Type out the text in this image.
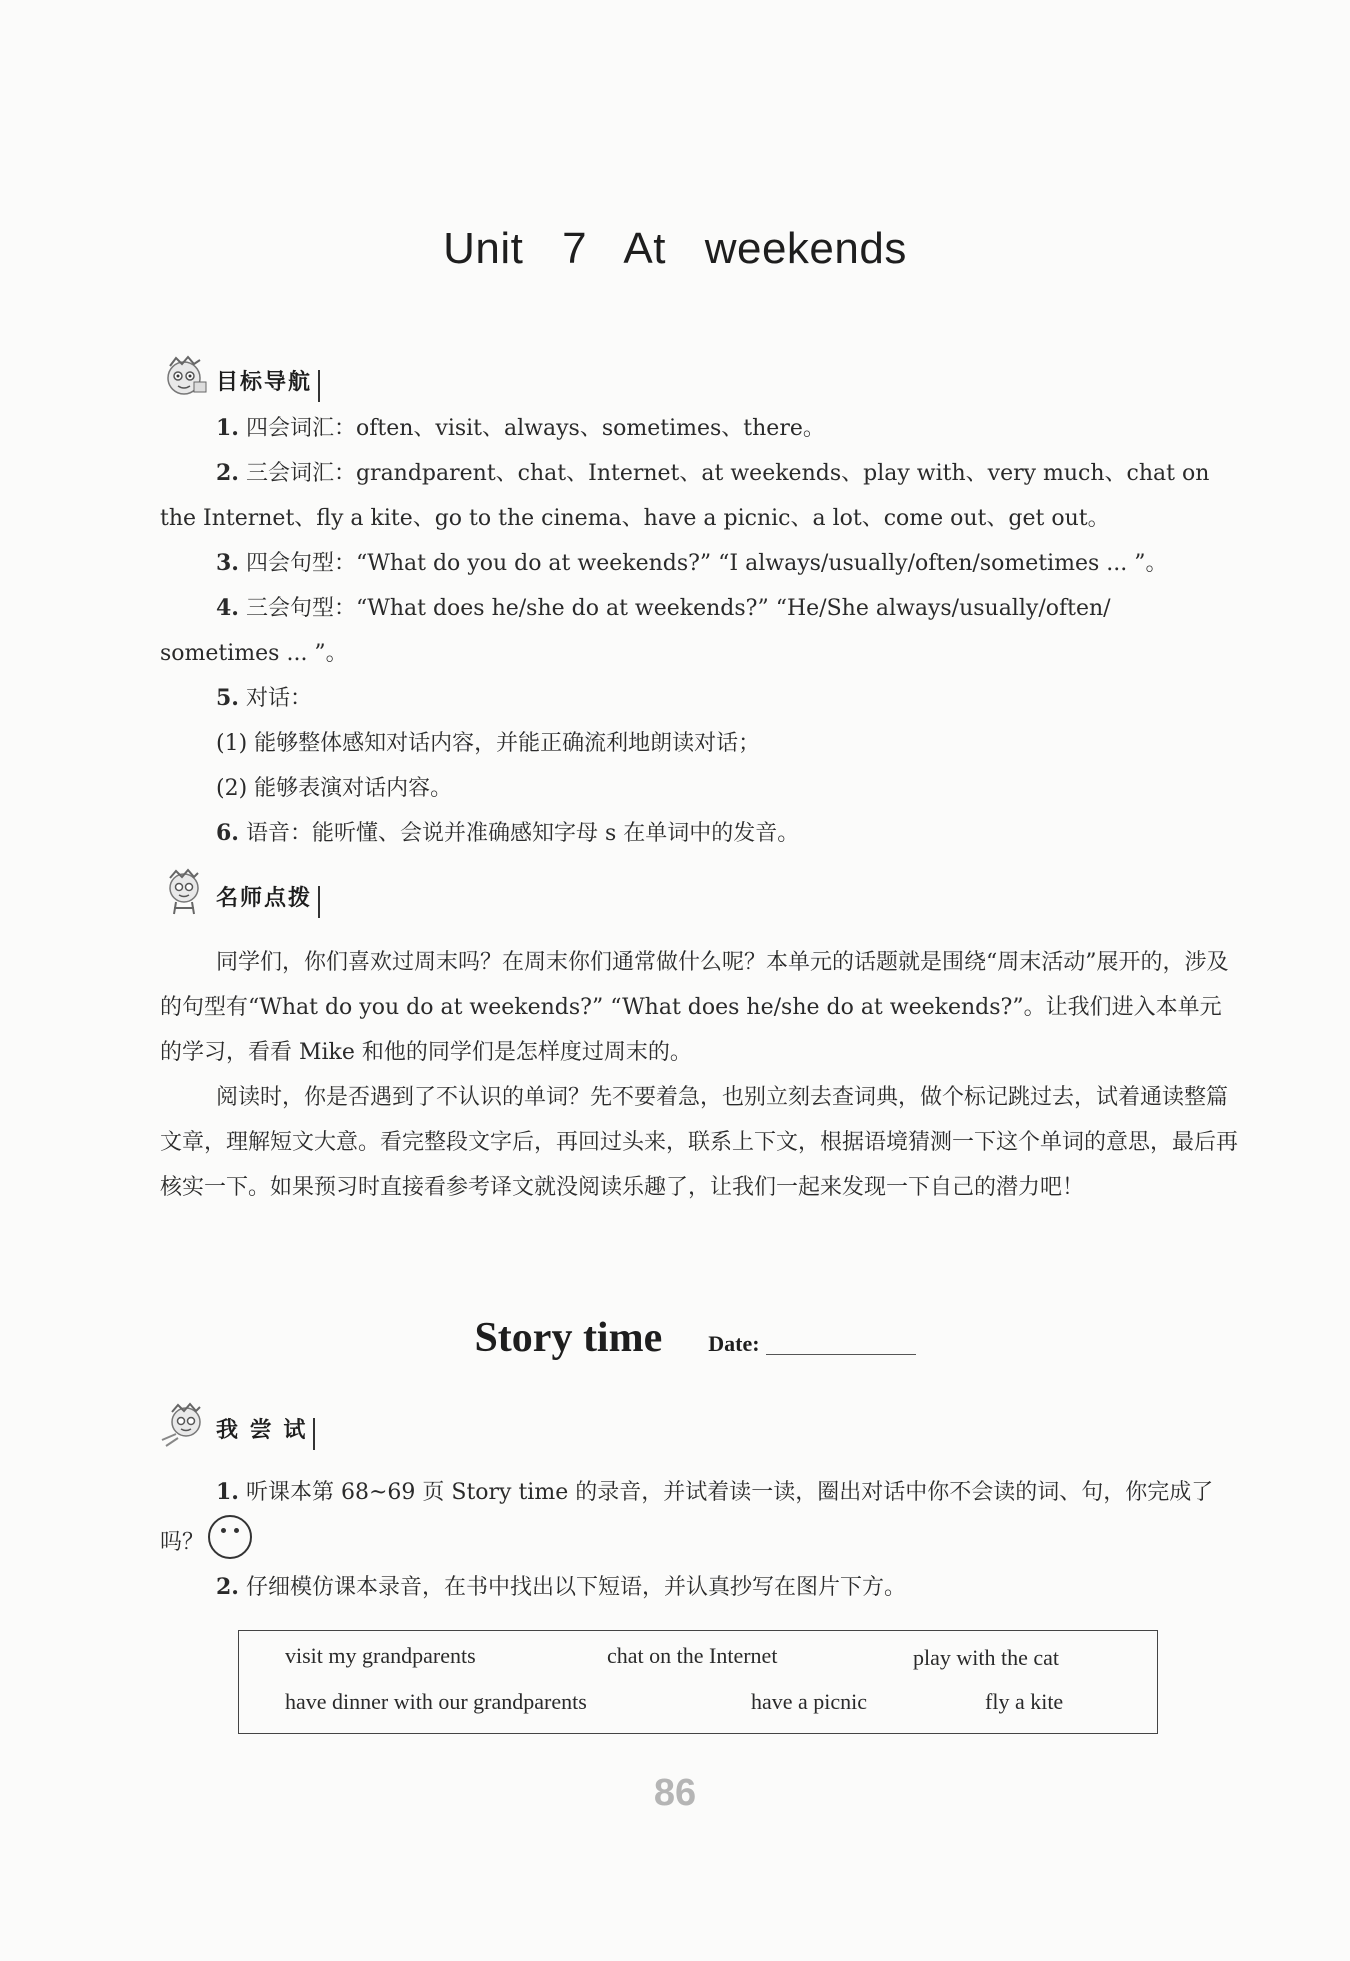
Unit 7 At weekends
目标导航

1. 四会词汇：often、visit、always、sometimes、there。

2. 三会词汇：grandparent、chat、Internet、at weekends、play with、very much、chat on

the Internet、fly a kite、go to the cinema、have a picnic、a lot、come out、get out。

3. 四会句型：“What do you do at weekends?” “I always/usually/often/sometimes ... ”。

4. 三会句型：“What does he/she do at weekends?” “He/She always/usually/often/

sometimes ... ”。

5. 对话：

(1) 能够整体感知对话内容，并能正确流利地朗读对话；

(2) 能够表演对话内容。

6. 语音：能听懂、会说并准确感知字母 s 在单词中的发音。

名师点拨

同学们，你们喜欢过周末吗？在周末你们通常做什么呢？本单元的话题就是围绕“周末活动”展开的，涉及的句型有“What do you do at weekends?” “What does he/she do at weekends?”。让我们进入本单元的学习，看看 Mike 和他的同学们是怎样度过周末的。

阅读时，你是否遇到了不认识的单词？先不要着急，也别立刻去查词典，做个标记跳过去，试着通读整篇文章，理解短文大意。看完整段文字后，再回过头来，联系上下文，根据语境猜测一下这个单词的意思，最后再核实一下。如果预习时直接看参考译文就没阅读乐趣了，让我们一起来发现一下自己的潜力吧！

Story time Date:
我 尝 试

1. 听课本第 68~69 页 Story time 的录音，并试着读一读，圈出对话中你不会读的词、句，你完成了吗？

2. 仔细模仿课本录音，在书中找出以下短语，并认真抄写在图片下方。

visit my grandparents	chat on the Internet	play with the cat
have dinner with our grandparents	have a picnic	fly a kite
86
